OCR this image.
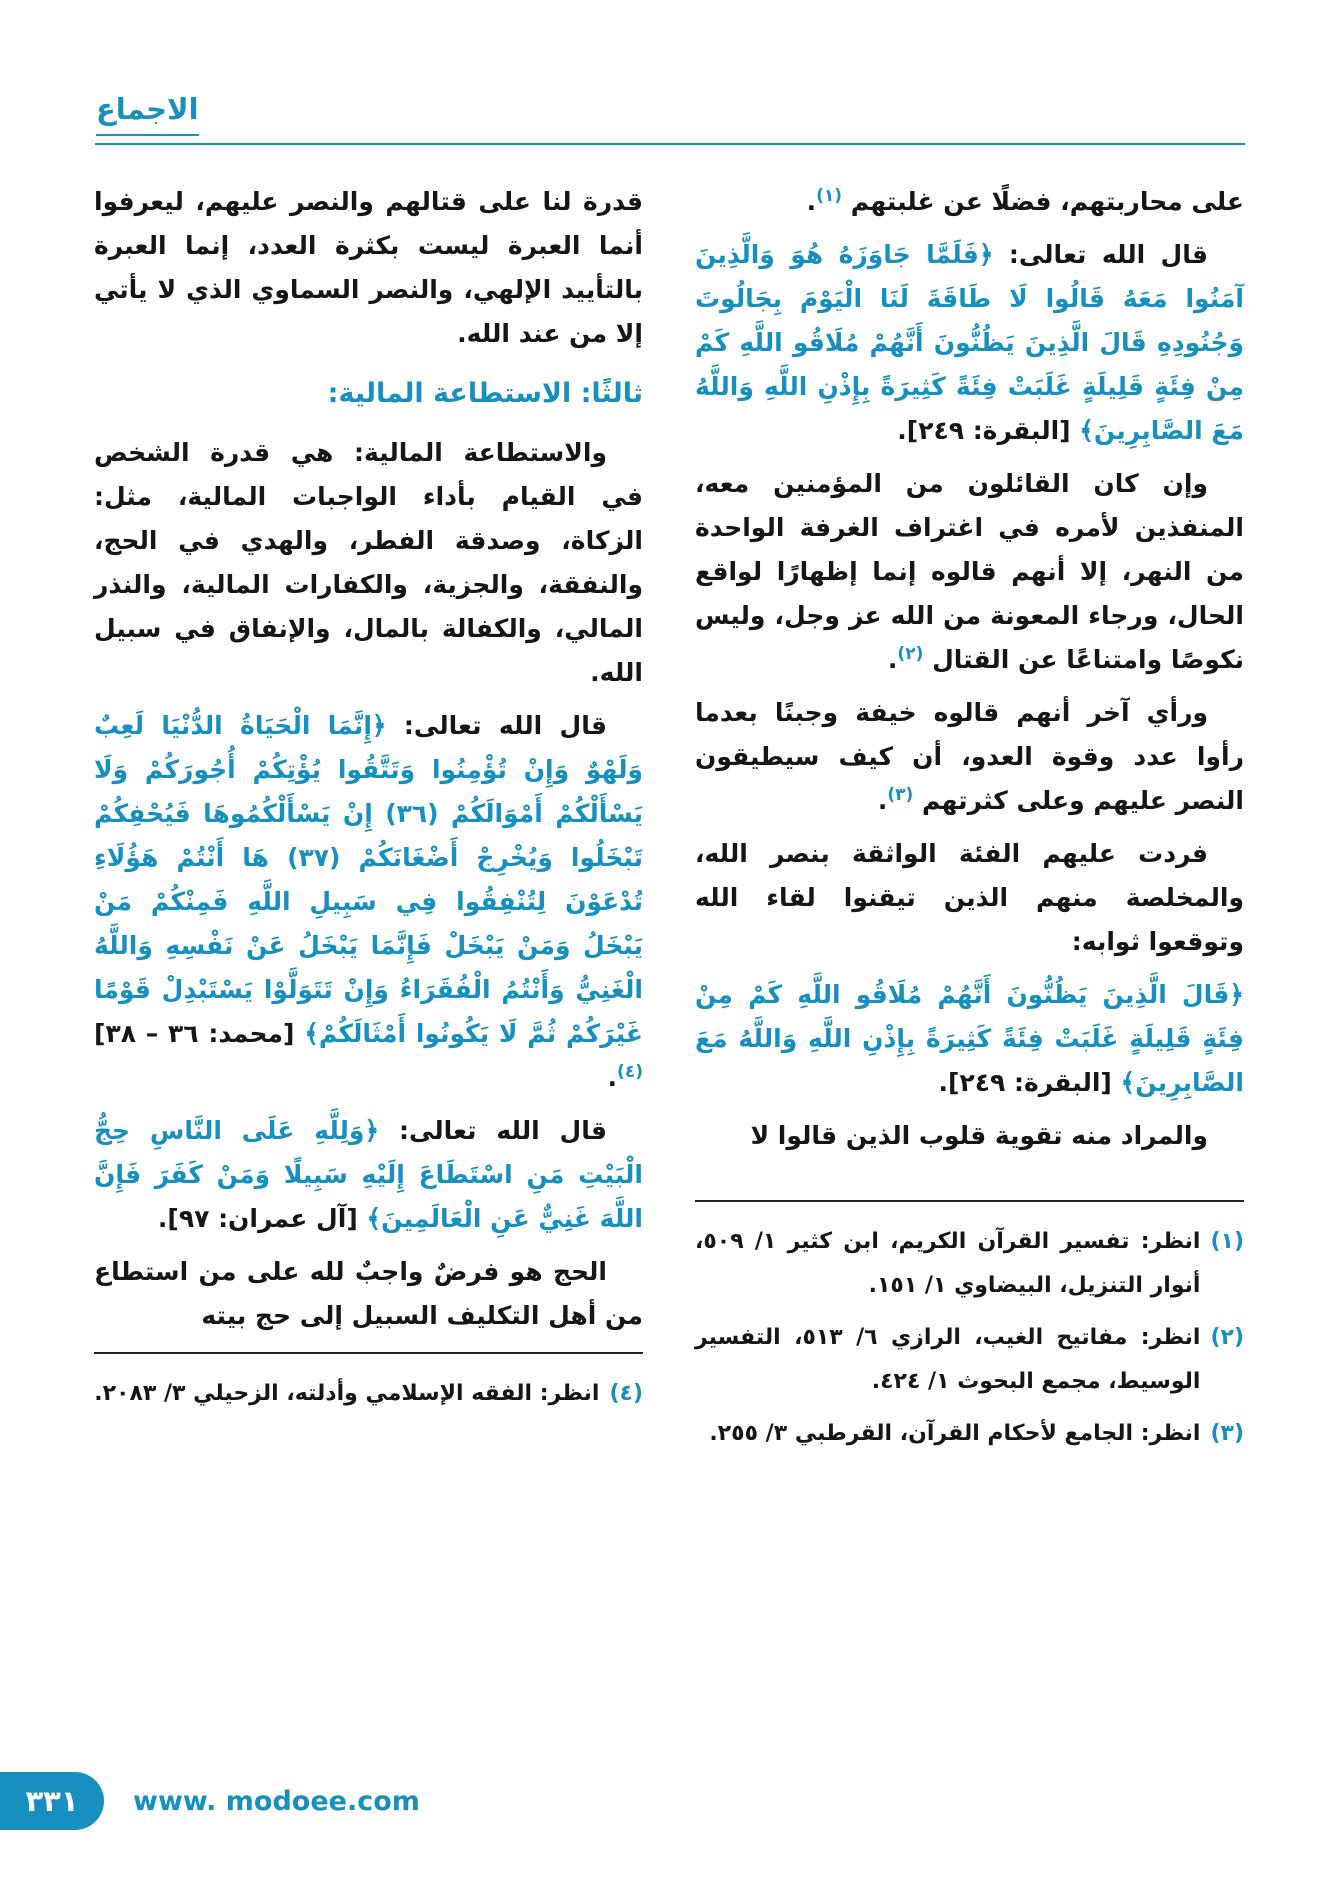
الاجماع

على محاربتهم، فضلًا عن غلبتهم $^{(١)}$.

قال الله تعالى: ﴿فَلَمَّا جَاوَزَهُ هُوَ وَالَّذِينَ آمَنُوا مَعَهُ قَالُوا لَا طَاقَةَ لَنَا الْيَوْمَ بِجَالُوتَ وَجُنُودِهِ قَالَ الَّذِينَ يَظُنُّونَ أَنَّهُمْ مُلَاقُو اللَّهِ كَمْ مِنْ فِئَةٍ قَلِيلَةٍ غَلَبَتْ فِئَةً كَثِيرَةً بِإِذْنِ اللَّهِ وَاللَّهُ مَعَ الصَّابِرِينَ﴾ [البقرة: ٢٤٩].

وإن كان القائلون من المؤمنين معه، المنفذين لأمره في اغتراف الغرفة الواحدة من النهر، إلا أنهم قالوه إنما إظهارًا لواقع الحال، ورجاء المعونة من الله عز وجل، وليس نكوصًا وامتناعًا عن القتال $^{(٢)}$.

ورأي آخر أنهم قالوه خيفة وجبنًا بعدما رأوا عدد وقوة العدو، أن كيف سيطيقون النصر عليهم وعلى كثرتهم $^{(٣)}$.

فردت عليهم الفئة الواثقة بنصر الله، والمخلصة منهم الذين تيقنوا لقاء الله وتوقعوا ثوابه:

﴿قَالَ الَّذِينَ يَظُنُّونَ أَنَّهُمْ مُلَاقُو اللَّهِ كَمْ مِنْ فِئَةٍ قَلِيلَةٍ غَلَبَتْ فِئَةً كَثِيرَةً بِإِذْنِ اللَّهِ وَاللَّهُ مَعَ الصَّابِرِينَ﴾ [البقرة: ٢٤٩].

والمراد منه تقوية قلوب الذين قالوا لا

(١)
انظر: تفسير القرآن الكريم، ابن كثير ١/ ٥٠٩، أنوار التنزيل، البيضاوي ١/ ١٥١.
(٢)
انظر: مفاتيح الغيب، الرازي ٦/ ٥١٣، التفسير الوسيط، مجمع البحوث ١/ ٤٢٤.
(٣)
انظر: الجامع لأحكام القرآن، القرطبي ٣/ ٢٥٥.

قدرة لنا على قتالهم والنصر عليهم، ليعرفوا أنما العبرة ليست بكثرة العدد، إنما العبرة بالتأييد الإلهي، والنصر السماوي الذي لا يأتي إلا من عند الله.

ثالثًا: الاستطاعة المالية:

والاستطاعة المالية: هي قدرة الشخص في القيام بأداء الواجبات المالية، مثل: الزكاة، وصدقة الفطر، والهدي في الحج، والنفقة، والجزية، والكفارات المالية، والنذر المالي، والكفالة بالمال، والإنفاق في سبيل الله.

قال الله تعالى: ﴿إِنَّمَا الْحَيَاةُ الدُّنْيَا لَعِبٌ وَلَهْوٌ وَإِنْ تُؤْمِنُوا وَتَتَّقُوا يُؤْتِكُمْ أُجُورَكُمْ وَلَا يَسْأَلْكُمْ أَمْوَالَكُمْ (٣٦) إِنْ يَسْأَلْكُمُوهَا فَيُحْفِكُمْ تَبْخَلُوا وَيُخْرِجْ أَضْغَانَكُمْ (٣٧) هَا أَنْتُمْ هَؤُلَاءِ تُدْعَوْنَ لِتُنْفِقُوا فِي سَبِيلِ اللَّهِ فَمِنْكُمْ مَنْ يَبْخَلُ وَمَنْ يَبْخَلْ فَإِنَّمَا يَبْخَلُ عَنْ نَفْسِهِ وَاللَّهُ الْغَنِيُّ وَأَنْتُمُ الْفُقَرَاءُ وَإِنْ تَتَوَلَّوْا يَسْتَبْدِلْ قَوْمًا غَيْرَكُمْ ثُمَّ لَا يَكُونُوا أَمْثَالَكُمْ﴾ [محمد: ٣٦ – ٣٨] $^{(٤)}$.

قال الله تعالى: ﴿وَلِلَّهِ عَلَى النَّاسِ حِجُّ الْبَيْتِ مَنِ اسْتَطَاعَ إِلَيْهِ سَبِيلًا وَمَنْ كَفَرَ فَإِنَّ اللَّهَ غَنِيٌّ عَنِ الْعَالَمِينَ﴾ [آل عمران: ٩٧].

الحج هو فرضٌ واجبٌ لله على من استطاع من أهل التكليف السبيل إلى حج بيته

(٤)
انظر: الفقه الإسلامي وأدلته، الزحيلي ٣/ ٢٠٨٣.
٣٣١ www. modoee.com
